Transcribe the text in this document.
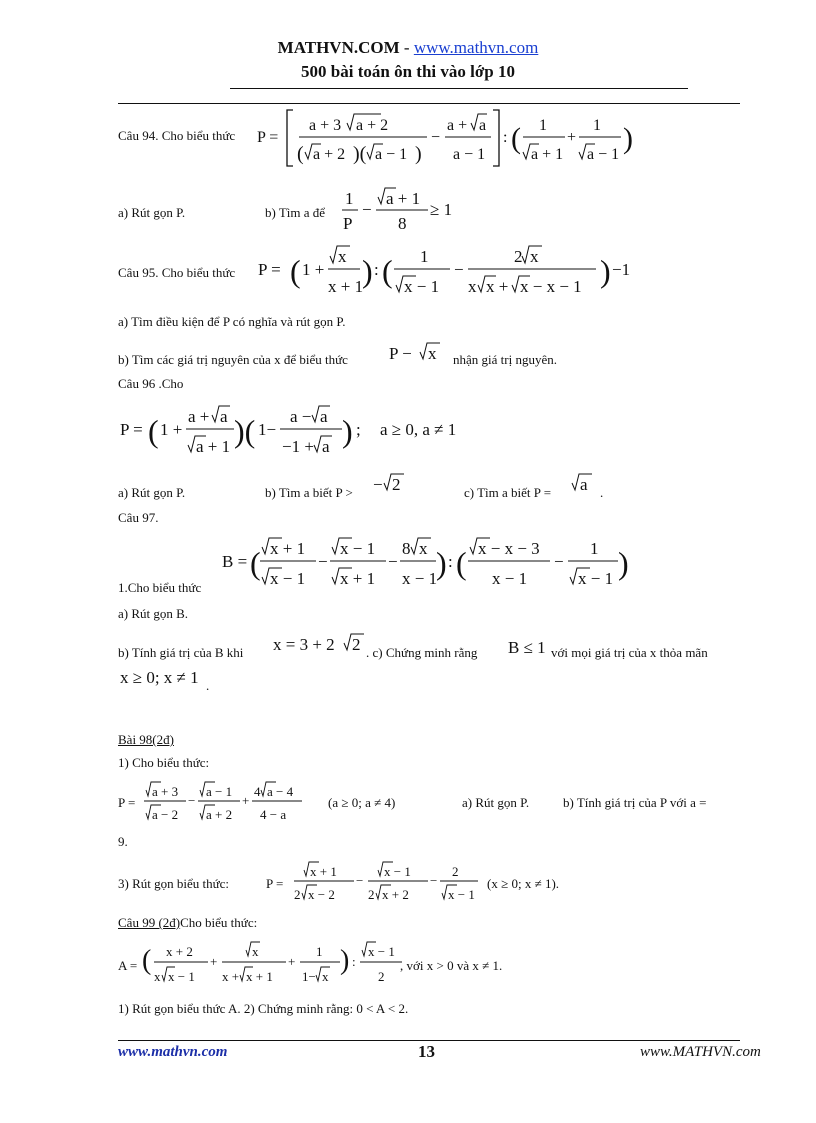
MATHVN.COM - www.mathvn.com
500 bài toán ôn thi vào lớp 10
Câu 94. Cho biểu thức P =
a + 3 a + 2
( a + 2 )( a − 1 )
−
a + a
a − 1
: ( 1
a + 1
+
1
a − 1 )
a) Rút gọn P.	b) Tìm a để
1
P
−
a + 1
8
≥ 1
Câu 95. Cho biểu thức P = ( 1 +
x
x + 1
) : ( 1
x − 1
−
2 x
x x + x − x − 1 ) −1
a) Tìm điều kiện để P có nghĩa và rút gọn P.
b) Tìm các giá trị nguyên của x để biểu thức P − x nhận giá trị nguyên.
Câu 96 .Cho
P = ( 1 +
a + a
a + 1 )( 1−
a − a
−1 + a ) ; a ≥ 0, a ≠ 1
a) Rút gọn P.	b) Tìm a biết P > − 2	c) Tìm a biết P = a .
Câu 97.
B = ( x + 1
x − 1
−
x − 1
x + 1
−
8 x
x − 1
) : ( x − x − 3
x − 1
−
1
x − 1 )
1.Cho biểu thức
a) Rút gọn B.
b) Tính giá trị của B khi x = 3 + 2 2 . c) Chứng minh rằng B ≤ 1 với mọi giá trị của x thỏa mãn
x ≥ 0; x ≠ 1 .
Bài 98(2đ)
1) Cho biểu thức:
P =
a + 3
a − 2
−
a − 1
a + 2
+
4 a − 4
4 − a
(a ≥ 0; a ≠ 4)	a) Rút gọn P.	b) Tính giá trị của P với a =
9.
3) Rút gọn biểu thức:	P =
x + 1
2 x − 2
−
x − 1
2 x + 2
−
2
x − 1
(x ≥ 0; x ≠ 1).
Câu 99 (2đ)Cho biểu thức:
A = ( x + 2
x x − 1
+
x
x + x + 1
+
1
1− x
) :
x − 1
2
, với x > 0 và x ≠ 1.
1) Rút gọn biểu thức A. 2) Chứng minh rằng: 0 < A < 2.
www.mathvn.com	13	www.MATHVN.com
